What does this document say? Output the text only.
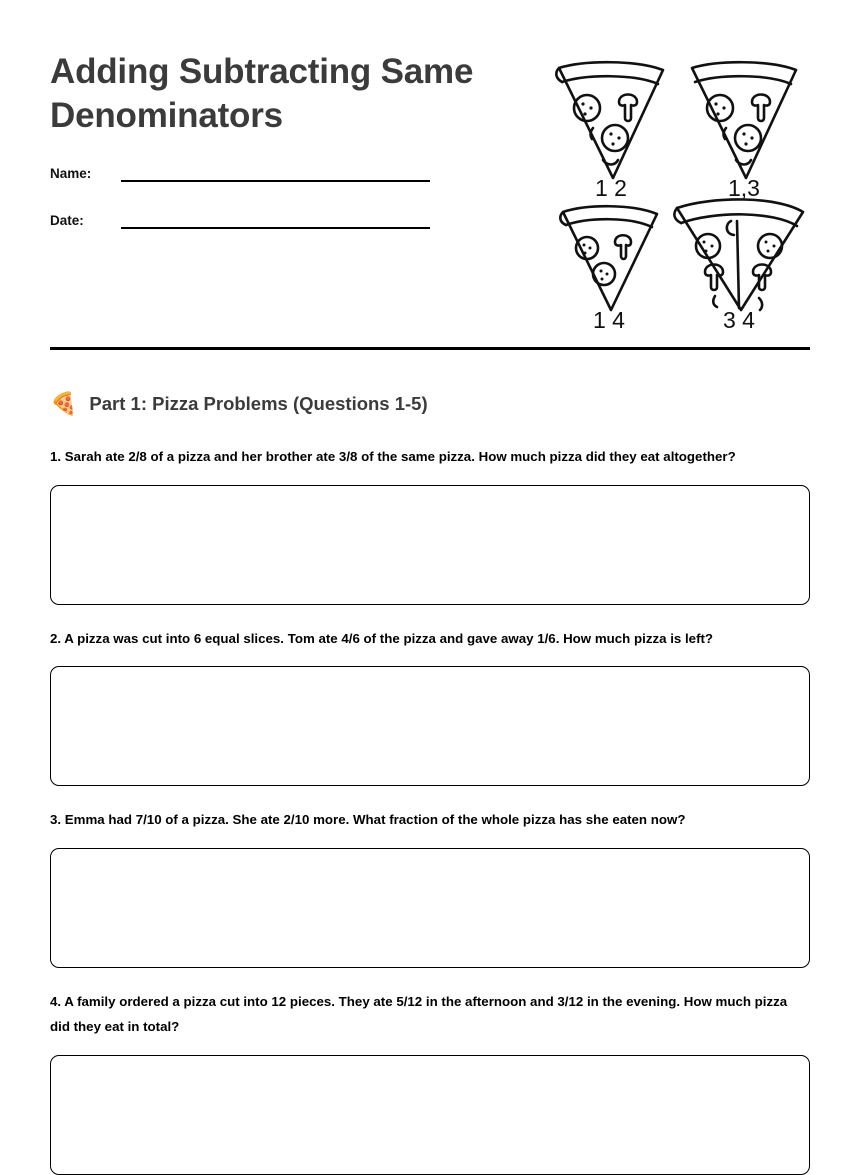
Adding Subtracting Same Denominators
Name:
Date:
1 2	1,3
1 4	3 4
🍕 Part 1: Pizza Problems (Questions 1-5)
1. Sarah ate 2/8 of a pizza and her brother ate 3/8 of the same pizza. How much pizza did they eat altogether?
2. A pizza was cut into 6 equal slices. Tom ate 4/6 of the pizza and gave away 1/6. How much pizza is left?
3. Emma had 7/10 of a pizza. She ate 2/10 more. What fraction of the whole pizza has she eaten now?
4. A family ordered a pizza cut into 12 pieces. They ate 5/12 in the afternoon and 3/12 in the evening. How much pizza did they eat in total?
